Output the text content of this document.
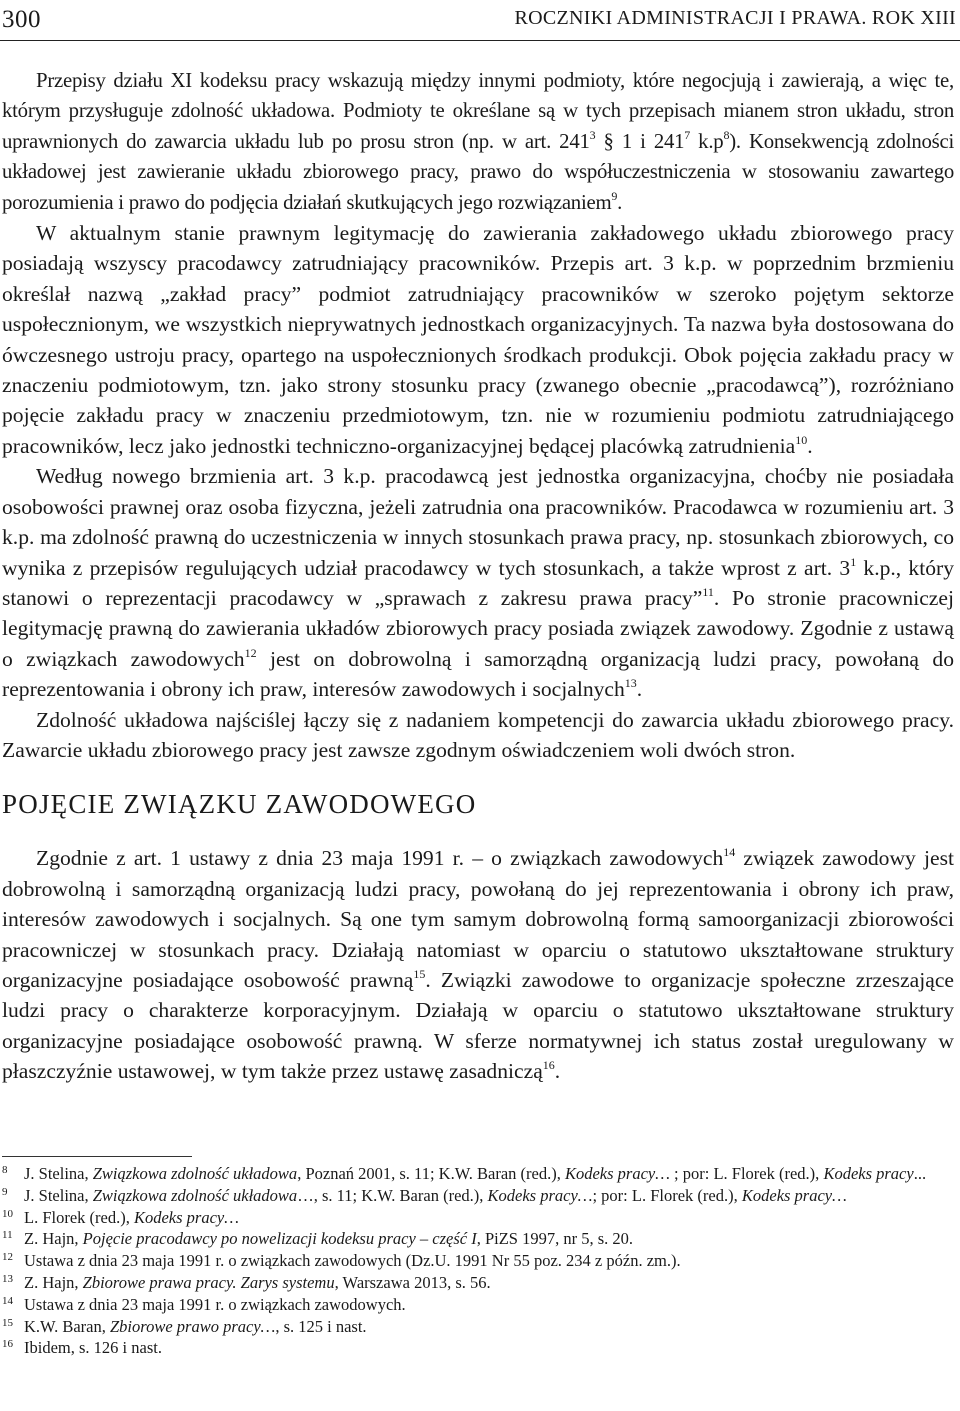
300	ROCZNIKI ADMINISTRACJI I PRAWA. ROK XIII

Przepisy działu XI kodeksu pracy wskazują między innymi podmioty, które negocjują i zawierają, a więc te, którym przysługuje zdolność układowa. Podmioty te określane są w tych przepisach mianem stron układu, stron uprawnionych do zawarcia układu lub po prosu stron (np. w art. $241^3$ § 1 i $241^7$ $k.p^8$). Konsekwencją zdolności układowej jest zawieranie układu zbiorowego pracy, prawo do współuczestniczenia w stosowaniu zawartego porozumienia i prawo do podjęcia działań skutkujących jego rozwiązaniem$^9$.

W aktualnym stanie prawnym legitymację do zawierania zakładowego układu zbiorowego pracy posiadają wszyscy pracodawcy zatrudniający pracowników. Przepis art. 3 k.p. w poprzednim brzmieniu określał nazwą „zakład pracy” podmiot zatrudniający pracowników w szeroko pojętym sektorze uspołecznionym, we wszystkich nieprywatnych jednostkach organizacyjnych. Ta nazwa była dostosowana do ówczesnego ustroju pracy, opartego na uspołecznionych środkach produkcji. Obok pojęcia zakładu pracy w znaczeniu podmiotowym, tzn. jako strony stosunku pracy (zwanego obecnie „pracodawcą”), rozróżniano pojęcie zakładu pracy w znaczeniu przedmiotowym, tzn. nie w rozumieniu podmiotu zatrudniającego pracowników, lecz jako jednostki techniczno-organizacyjnej będącej placówką zatrudnienia$^{10}$.

Według nowego brzmienia art. 3 k.p. pracodawcą jest jednostka organizacyjna, choćby nie posiadała osobowości prawnej oraz osoba fizyczna, jeżeli zatrudnia ona pracowników. Pracodawca w rozumieniu art. 3 k.p. ma zdolność prawną do uczestniczenia w innych stosunkach prawa pracy, np. stosunkach zbiorowych, co wynika z przepisów regulujących udział pracodawcy w tych stosunkach, a także wprost z art. $3^1$ k.p., który stanowi o reprezentacji pracodawcy w „sprawach z zakresu prawa pracy”$^{11}$. Po stronie pracowniczej legitymację prawną do zawierania układów zbiorowych pracy posiada związek zawodowy. Zgodnie z ustawą o związkach zawodowych$^{12}$ jest on dobrowolną i samorządną organizacją ludzi pracy, powołaną do reprezentowania i obrony ich praw, interesów zawodowych i socjalnych$^{13}$.

Zdolność układowa najściślej łączy się z nadaniem kompetencji do zawarcia układu zbiorowego pracy. Zawarcie układu zbiorowego pracy jest zawsze zgodnym oświadczeniem woli dwóch stron.

POJĘCIE ZWIĄZKU ZAWODOWEGO

Zgodnie z art. 1 ustawy z dnia 23 maja 1991 r. – o związkach zawodowych$^{14}$ związek zawodowy jest dobrowolną i samorządną organizacją ludzi pracy, powołaną do jej reprezentowania i obrony ich praw, interesów zawodowych i socjalnych. Są one tym samym dobrowolną formą samoorganizacji zbiorowości pracowniczej w stosunkach pracy. Działają natomiast w oparciu o statutowo ukształtowane struktury organizacyjne posiadające osobowość prawną$^{15}$. Związki zawodowe to organizacje społeczne zrzeszające ludzi pracy o charakterze korporacyjnym. Działają w oparciu o statutowo ukształtowane struktury organizacyjne posiadające osobowość prawną. W sferze normatywnej ich status został uregulowany w płaszczyźnie ustawowej, w tym także przez ustawę zasadniczą$^{16}$.

8 J. Stelina, Związkowa zdolność układowa, Poznań 2001, s. 11; K.W. Baran (red.), Kodeks pracy… ; por: L. Florek (red.), Kodeks pracy...

9 J. Stelina, Związkowa zdolność układowa…, s. 11; K.W. Baran (red.), Kodeks pracy…; por: L. Florek (red.), Kodeks pracy…

10 L. Florek (red.), Kodeks pracy…

11 Z. Hajn, Pojęcie pracodawcy po nowelizacji kodeksu pracy – część I, PiZS 1997, nr 5, s. 20.

12 Ustawa z dnia 23 maja 1991 r. o związkach zawodowych (Dz.U. 1991 Nr 55 poz. 234 z późn. zm.).

13 Z. Hajn, Zbiorowe prawa pracy. Zarys systemu, Warszawa 2013, s. 56.

14 Ustawa z dnia 23 maja 1991 r. o związkach zawodowych.

15 K.W. Baran, Zbiorowe prawo pracy…, s. 125 i nast.

16 Ibidem, s. 126 i nast.
